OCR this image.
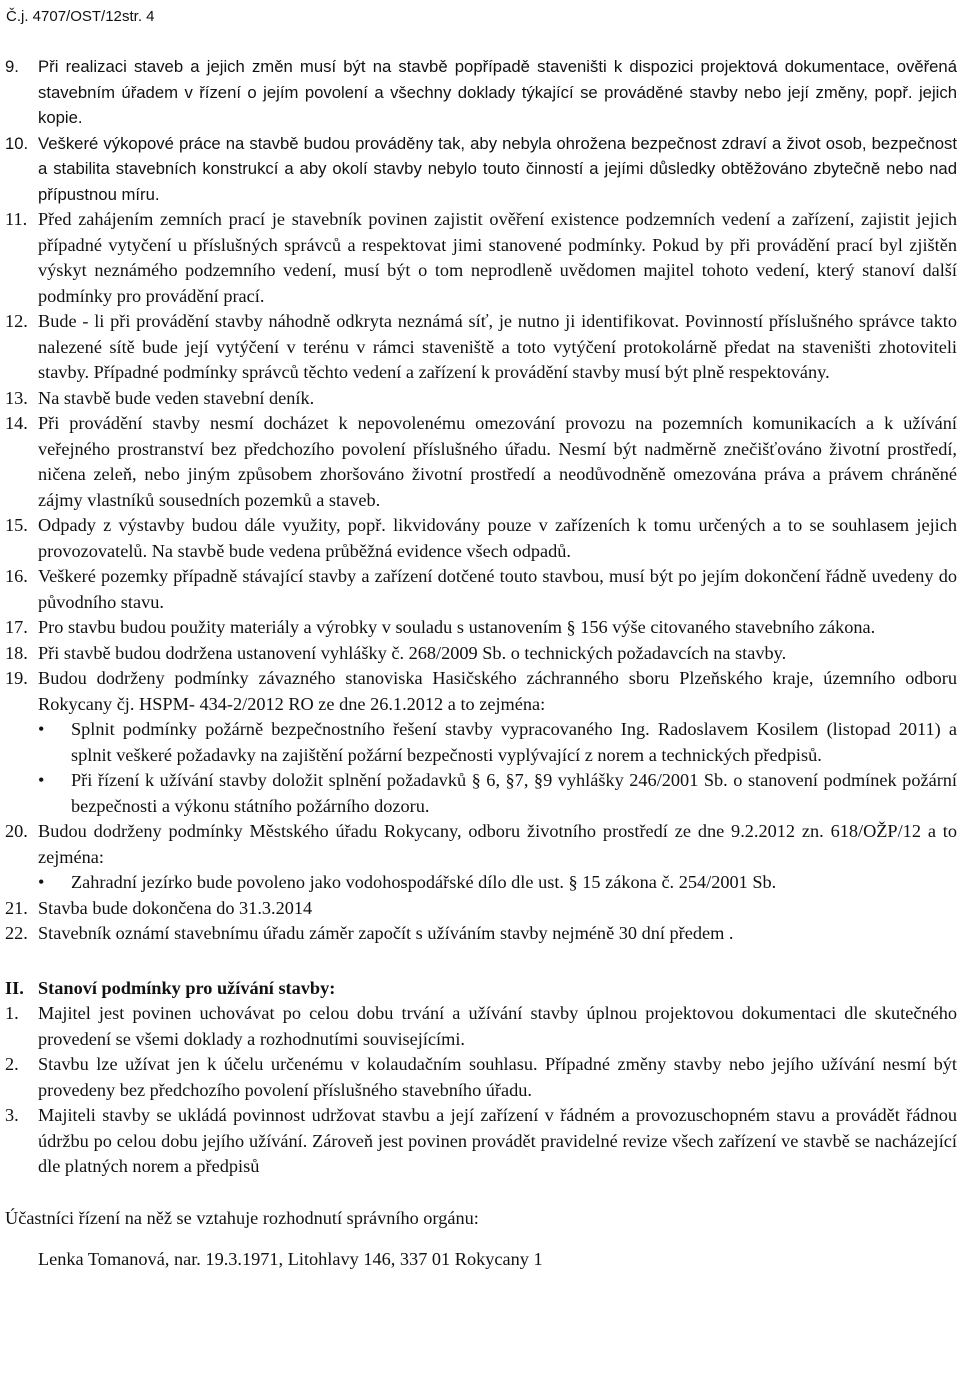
Č.j. 4707/OST/12 str. 4
9. Při realizaci staveb a jejich změn musí být na stavbě popřípadě staveništi k dispozici projektová dokumentace, ověřená stavebním úřadem v řízení o jejím povolení a všechny doklady týkající se prováděné stavby nebo její změny, popř. jejich kopie.
10. Veškeré výkopové práce na stavbě budou prováděny tak, aby nebyla ohrožena bezpečnost zdraví a život osob, bezpečnost a stabilita stavebních konstrukcí a aby okolí stavby nebylo touto činností a jejími důsledky obtěžováno zbytečně nebo nad přípustnou míru.
11. Před zahájením zemních prací je stavebník povinen zajistit ověření existence podzemních vedení a zařízení, zajistit jejich případné vytyčení u příslušných správců a respektovat jimi stanovené podmínky. Pokud by při provádění prací byl zjištěn výskyt neznámého podzemního vedení, musí být o tom neprodleně uvědomen majitel tohoto vedení, který stanoví další podmínky pro provádění prací.
12. Bude - li při provádění stavby náhodně odkryta neznámá síť, je nutno ji identifikovat. Povinností příslušného správce takto nalezené sítě bude její vytýčení v terénu v rámci staveniště a toto vytýčení protokolárně předat na staveništi zhotoviteli stavby. Případné podmínky správců těchto vedení a zařízení k provádění stavby musí být plně respektovány.
13. Na stavbě bude veden stavební deník.
14. Při provádění stavby nesmí docházet k nepovolenému omezování provozu na pozemních komunikacích a k užívání veřejného prostranství bez předchozího povolení příslušného úřadu. Nesmí být nadměrně znečišťováno životní prostředí, ničena zeleň, nebo jiným způsobem zhoršováno životní prostředí a neodůvodněně omezována práva a právem chráněné zájmy vlastníků sousedních pozemků a staveb.
15. Odpady z výstavby budou dále využity, popř. likvidovány pouze v zařízeních k tomu určených a to se souhlasem jejich provozovatelů. Na stavbě bude vedena průběžná evidence všech odpadů.
16. Veškeré pozemky případně stávající stavby a zařízení dotčené touto stavbou, musí být po jejím dokončení řádně uvedeny do původního stavu.
17. Pro stavbu budou použity materiály a výrobky v souladu s ustanovením § 156 výše citovaného stavebního zákona.
18. Při stavbě budou dodržena ustanovení vyhlášky č. 268/2009 Sb. o technických požadavcích na stavby.
19. Budou dodrženy podmínky závazného stanoviska Hasičského záchranného sboru Plzeňského kraje, územního odboru Rokycany čj. HSPM- 434-2/2012 RO ze dne 26.1.2012 a to zejména:
•	Splnit podmínky požárně bezpečnostního řešení stavby vypracovaného Ing. Radoslavem Kosilem (listopad 2011) a splnit veškeré požadavky na zajištění požární bezpečnosti vyplývající z norem a technických předpisů.
•	Při řízení k užívání stavby doložit splnění požadavků § 6, §7, §9 vyhlášky 246/2001 Sb. o stanovení podmínek požární bezpečnosti a výkonu státního požárního dozoru.
20. Budou dodrženy podmínky Městského úřadu Rokycany, odboru životního prostředí ze dne 9.2.2012 zn. 618/OŽP/12 a to zejména:
•	Zahradní jezírko bude povoleno jako vodohospodářské dílo dle ust. § 15 zákona č. 254/2001 Sb.
21. Stavba bude dokončena do 31.3.2014
22. Stavebník oznámí stavebnímu úřadu záměr započít s užíváním stavby nejméně 30 dní předem .
II. Stanoví podmínky pro užívání stavby:
1. Majitel jest povinen uchovávat po celou dobu trvání a užívání stavby úplnou projektovou dokumentaci dle skutečného provedení se všemi doklady a rozhodnutími souvisejícími.
2. Stavbu lze užívat jen k účelu určenému v kolaudačním souhlasu. Případné změny stavby nebo jejího užívání nesmí být provedeny bez předchozího povolení příslušného stavebního úřadu.
3. Majiteli stavby se ukládá povinnost udržovat stavbu a její zařízení v řádném a provozuschopném stavu a provádět řádnou údržbu po celou dobu jejího užívání. Zároveň jest povinen provádět pravidelné revize všech zařízení ve stavbě se nacházející dle platných norem a předpisů
Účastníci řízení na něž se vztahuje rozhodnutí správního orgánu:
Lenka Tomanová, nar. 19.3.1971, Litohlavy 146, 337 01 Rokycany 1
